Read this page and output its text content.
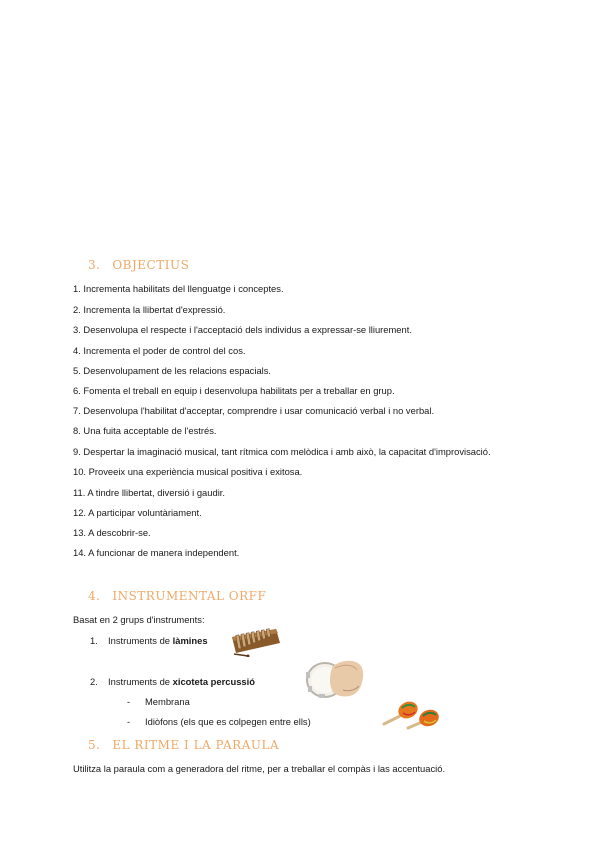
3. OBJECTIUS
1. Incrementa habilitats del llenguatge i conceptes.
2. Incrementa la llibertat d'expressió.
3. Desenvolupa el respecte i l'acceptació dels individus a expressar-se lliurement.
4. Incrementa el poder de control del cos.
5. Desenvolupament de les relacions espacials.
6. Fomenta el treball en equip i desenvolupa habilitats per a treballar en grup.
7. Desenvolupa l'habilitat d'acceptar, comprendre i usar comunicació verbal i no verbal.
8. Una fuita acceptable de l'estrés.
9. Despertar la imaginació musical, tant rítmica com melòdica i amb això, la capacitat d'improvisació.
10. Proveeix una experiència musical positiva i exitosa.
11. A tindre llibertat, diversió i gaudir.
12. A participar voluntàriament.
13. A descobrir-se.
14. A funcionar de manera independent.
4. INSTRUMENTAL ORFF
Basat en 2 grups d'instruments:
1. Instruments de làmines
2. Instruments de xicoteta percussió
- Membrana
- Idiòfons (els que es colpegen entre ells)
5. EL RITME I LA PARAULA
Utilitza la paraula com a generadora del ritme, per a treballar el compàs i las accentuació.
